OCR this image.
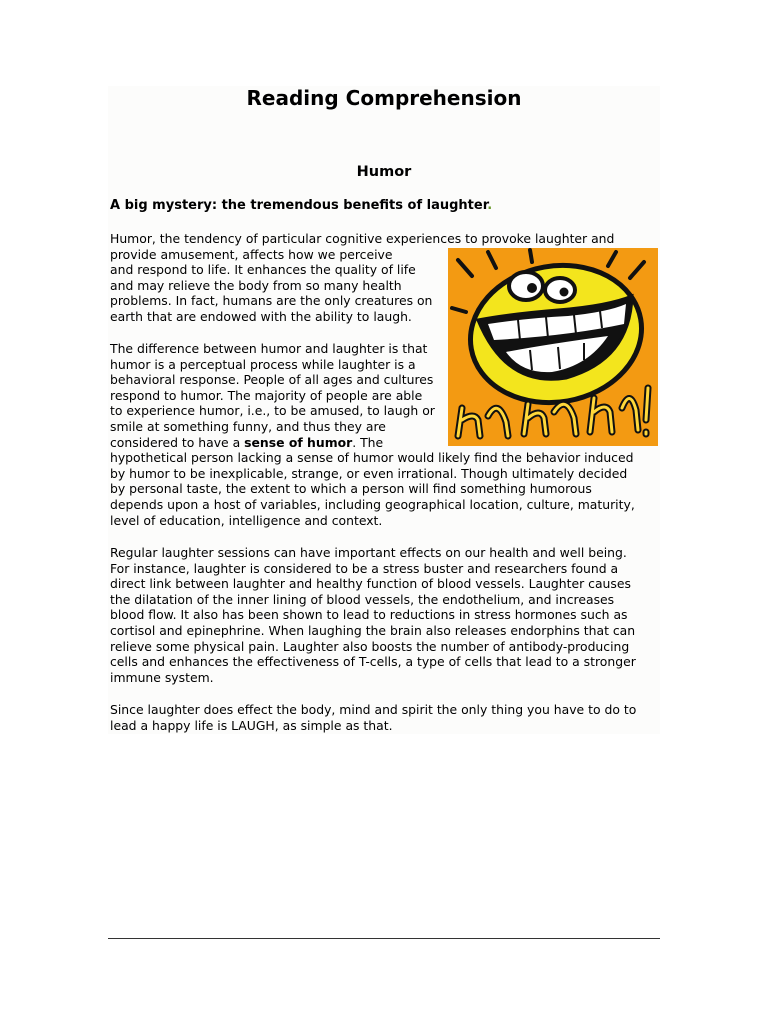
Reading Comprehension
Humor

A big mystery: the tremendous benefits of laughter.

Humor, the tendency of particular cognitive experiences to provoke laughter and
provide amusement, affects how we perceive
and respond to life. It enhances the quality of life
and may relieve the body from so many health
problems. In fact, humans are the only creatures on
earth that are endowed with the ability to laugh.

The difference between humor and laughter is that
humor is a perceptual process while laughter is a
behavioral response. People of all ages and cultures
respond to humor. The majority of people are able
to experience humor, i.e., to be amused, to laugh or
smile at something funny, and thus they are
considered to have a sense of humor. The
hypothetical person lacking a sense of humor would likely find the behavior induced
by humor to be inexplicable, strange, or even irrational. Though ultimately decided
by personal taste, the extent to which a person will find something humorous
depends upon a host of variables, including geographical location, culture, maturity,
level of education, intelligence and context.

Regular laughter sessions can have important effects on our health and well being.
For instance, laughter is considered to be a stress buster and researchers found a
direct link between laughter and healthy function of blood vessels. Laughter causes
the dilatation of the inner lining of blood vessels, the endothelium, and increases
blood flow. It also has been shown to lead to reductions in stress hormones such as
cortisol and epinephrine. When laughing the brain also releases endorphins that can
relieve some physical pain. Laughter also boosts the number of antibody-producing
cells and enhances the effectiveness of T-cells, a type of cells that lead to a stronger
immune system.

Since laughter does effect the body, mind and spirit the only thing you have to do to
lead a happy life is LAUGH, as simple as that.
